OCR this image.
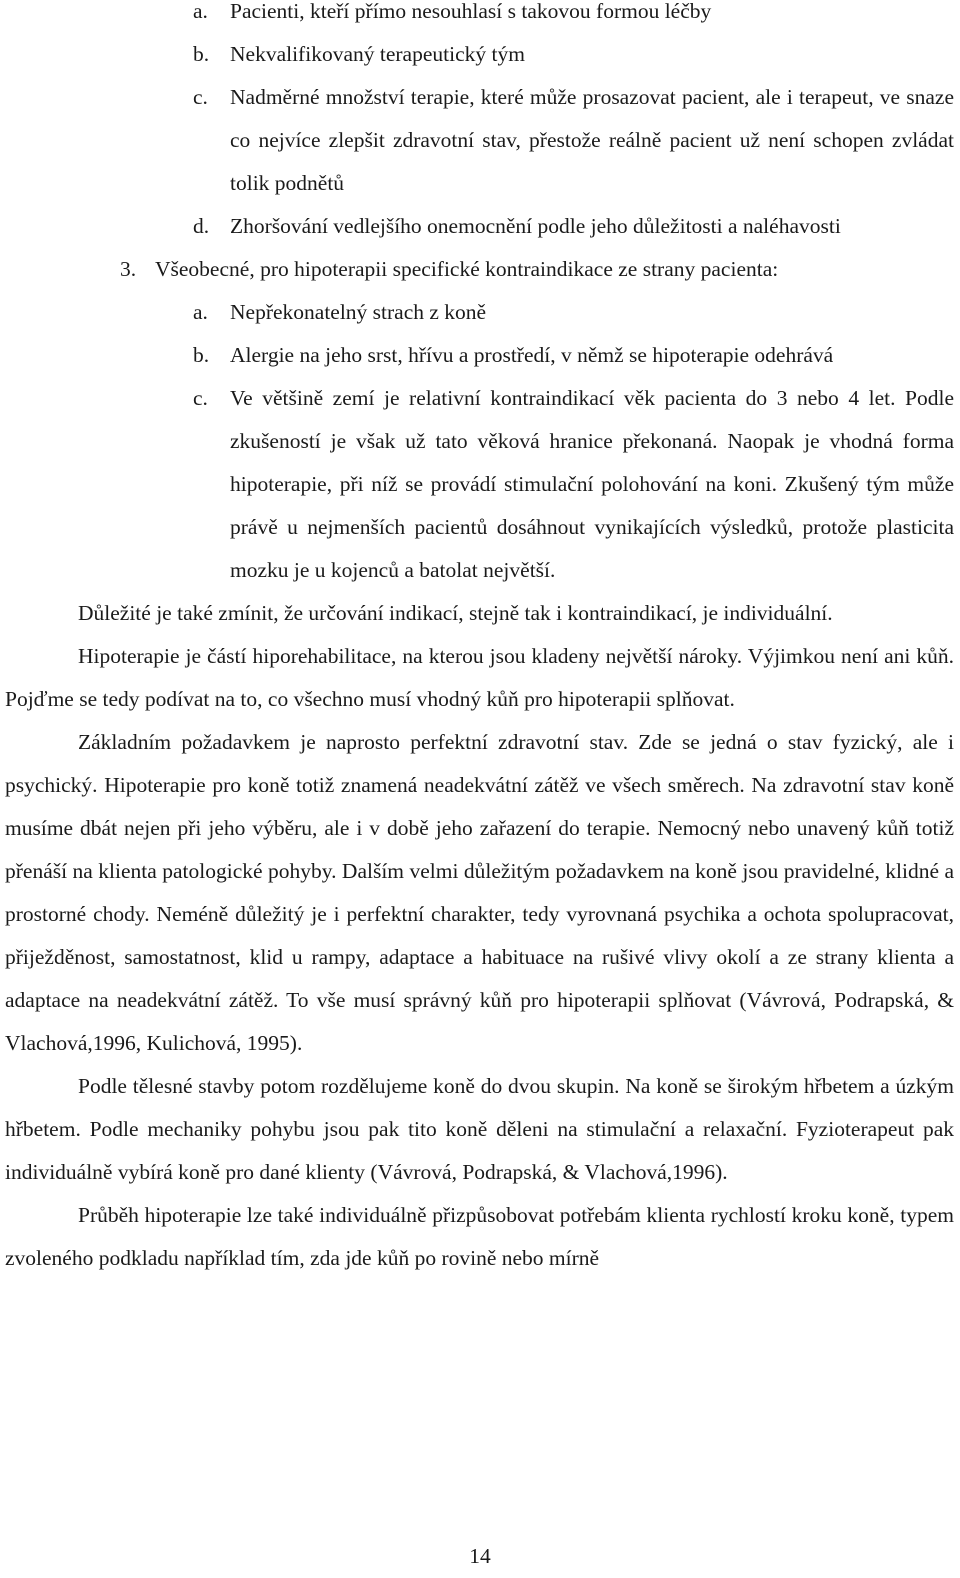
a. Pacienti, kteří přímo nesouhlasí s takovou formou léčby
b. Nekvalifikovaný terapeutický tým
c. Nadměrné množství terapie, které může prosazovat pacient, ale i terapeut, ve snaze co nejvíce zlepšit zdravotní stav, přestože reálně pacient už není schopen zvládat tolik podnětů
d. Zhoršování vedlejšího onemocnění podle jeho důležitosti a naléhavosti
3. Všeobecné, pro hipoterapii specifické kontraindikace ze strany pacienta:
a. Nepřekonatelný strach z koně
b. Alergie na jeho srst, hřívu a prostředí, v němž se hipoterapie odehrává
c. Ve většině zemí je relativní kontraindikací věk pacienta do 3 nebo 4 let. Podle zkušeností je však už tato věková hranice překonaná. Naopak je vhodná forma hipoterapie, při níž se provádí stimulační polohování na koni. Zkušený tým může právě u nejmenších pacientů dosáhnout vynikajících výsledků, protože plasticita mozku je u kojenců a batolat největší.
Důležité je také zmínit, že určování indikací, stejně tak i kontraindikací, je individuální.
Hipoterapie je částí hiporehabilitace, na kterou jsou kladeny největší nároky. Výjimkou není ani kůň. Pojďme se tedy podívat na to, co všechno musí vhodný kůň pro hipoterapii splňovat.
Základním požadavkem je naprosto perfektní zdravotní stav. Zde se jedná o stav fyzický, ale i psychický. Hipoterapie pro koně totiž znamená neadekvátní zátěž ve všech směrech. Na zdravotní stav koně musíme dbát nejen při jeho výběru, ale i v době jeho zařazení do terapie. Nemocný nebo unavený kůň totiž přenáší na klienta patologické pohyby. Dalším velmi důležitým požadavkem na koně jsou pravidelné, klidné a prostorné chody. Neméně důležitý je i perfektní charakter, tedy vyrovnaná psychika a ochota spolupracovat, přiježděnost, samostatnost, klid u rampy, adaptace a habituace na rušivé vlivy okolí a ze strany klienta a adaptace na neadekvátní zátěž. To vše musí správný kůň pro hipoterapii splňovat (Vávrová, Podrapská, & Vlachová,1996, Kulichová, 1995).
Podle tělesné stavby potom rozdělujeme koně do dvou skupin. Na koně se širokým hřbetem a úzkým hřbetem. Podle mechaniky pohybu jsou pak tito koně děleni na stimulační a relaxační. Fyzioterapeut pak individuálně vybírá koně pro dané klienty (Vávrová, Podrapská, & Vlachová,1996).
Průběh hipoterapie lze také individuálně přizpůsobovat potřebám klienta rychlostí kroku koně, typem zvoleného podkladu například tím, zda jde kůň po rovině nebo mírně
14
